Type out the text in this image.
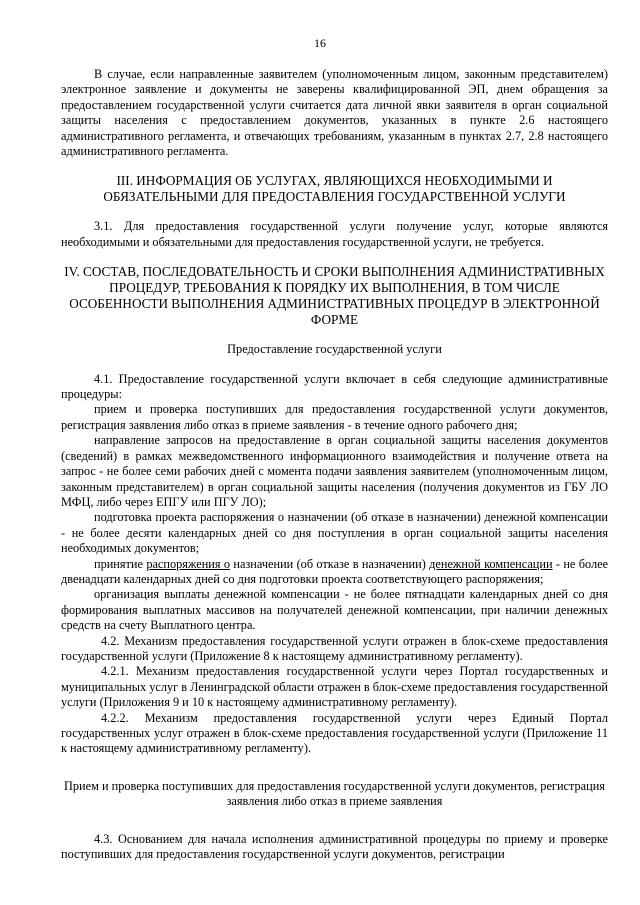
16

В случае, если направленные заявителем (уполномоченным лицом, законным представителем) электронное заявление и документы не заверены квалифицированной ЭП, днем обращения за предоставлением государственной услуги считается дата личной явки заявителя в орган социальной защиты населения с предоставлением документов, указанных в пункте 2.6 настоящего административного регламента, и отвечающих требованиям, указанным в пунктах 2.7, 2.8 настоящего административного регламента.

III. ИНФОРМАЦИЯ ОБ УСЛУГАХ, ЯВЛЯЮЩИХСЯ НЕОБХОДИМЫМИ И ОБЯЗАТЕЛЬНЫМИ ДЛЯ ПРЕДОСТАВЛЕНИЯ ГОСУДАРСТВЕННОЙ УСЛУГИ

3.1. Для предоставления государственной услуги получение услуг, которые являются необходимыми и обязательными для предоставления государственной услуги, не требуется.

IV. СОСТАВ, ПОСЛЕДОВАТЕЛЬНОСТЬ И СРОКИ ВЫПОЛНЕНИЯ АДМИНИСТРАТИВНЫХ ПРОЦЕДУР, ТРЕБОВАНИЯ К ПОРЯДКУ ИХ ВЫПОЛНЕНИЯ, В ТОМ ЧИСЛЕ ОСОБЕННОСТИ ВЫПОЛНЕНИЯ АДМИНИСТРАТИВНЫХ ПРОЦЕДУР В ЭЛЕКТРОННОЙ ФОРМЕ

Предоставление государственной услуги

4.1. Предоставление государственной услуги включает в себя следующие административные процедуры:

прием и проверка поступивших для предоставления государственной услуги документов, регистрация заявления либо отказ в приеме заявления - в течение одного рабочего дня;

направление запросов на предоставление в орган социальной защиты населения документов (сведений) в рамках межведомственного информационного взаимодействия и получение ответа на запрос - не более семи рабочих дней с момента подачи заявления заявителем (уполномоченным лицом, законным представителем) в орган социальной защиты населения (получения документов из ГБУ ЛО МФЦ, либо через ЕПГУ или ПГУ ЛО);

подготовка проекта распоряжения о назначении (об отказе в назначении) денежной компенсации - не более десяти календарных дней со дня поступления в орган социальной защиты населения необходимых документов;

принятие распоряжения о назначении (об отказе в назначении) денежной компенсации - не более двенадцати календарных дней со дня подготовки проекта соответствующего распоряжения;

организация выплаты денежной компенсации - не более пятнадцати календарных дней со дня формирования выплатных массивов на получателей денежной компенсации, при наличии денежных средств на счету Выплатного центра.

4.2. Механизм предоставления государственной услуги отражен в блок-схеме предоставления государственной услуги (Приложение 8 к настоящему административному регламенту).

4.2.1. Механизм предоставления государственной услуги через Портал государственных и муниципальных услуг в Ленинградской области отражен в блок-схеме предоставления государственной услуги (Приложения 9 и 10 к настоящему административному регламенту).

4.2.2. Механизм предоставления государственной услуги через Единый Портал государственных услуг отражен в блок-схеме предоставления государственной услуги (Приложение 11 к настоящему административному регламенту).

Прием и проверка поступивших для предоставления государственной услуги документов, регистрация заявления либо отказ в приеме заявления

4.3. Основанием для начала исполнения административной процедуры по приему и проверке поступивших для предоставления государственной услуги документов, регистрации
